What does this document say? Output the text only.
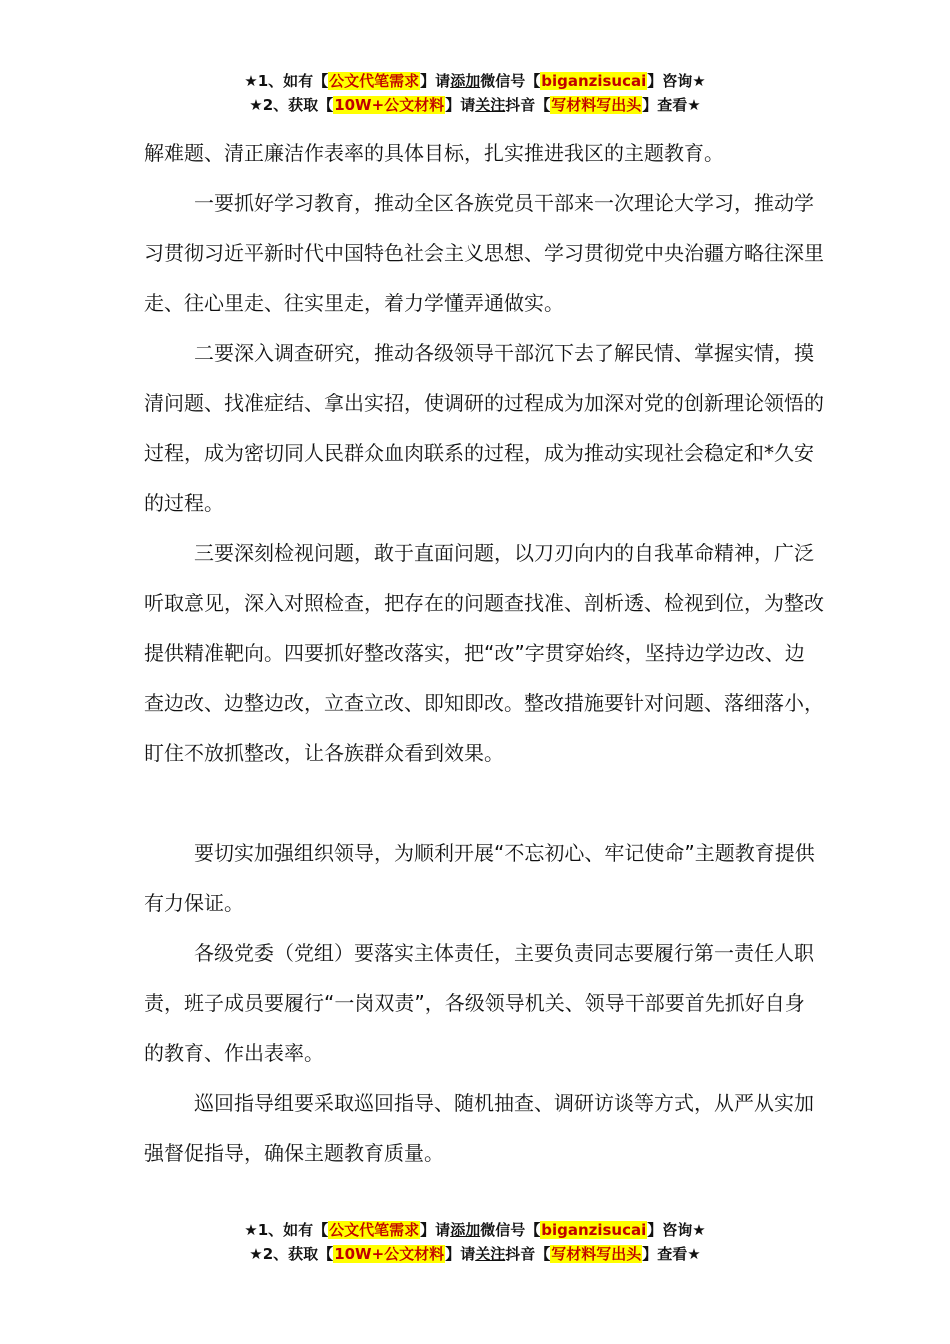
★1、如有【公文代笔需求】请添加微信号【biganzisucai】咨询★
★2、获取【10W+公文材料】请关注抖音【写材料写出头】查看★

解难题、清正廉洁作表率的具体目标，扎实推进我区的主题教育。

一要抓好学习教育，推动全区各族党员干部来一次理论大学习，推动学习贯彻习近平新时代中国特色社会主义思想、学习贯彻党中央治疆方略往深里走、往心里走、往实里走，着力学懂弄通做实。

二要深入调查研究，推动各级领导干部沉下去了解民情、掌握实情，摸清问题、找准症结、拿出实招，使调研的过程成为加深对党的创新理论领悟的过程，成为密切同人民群众血肉联系的过程，成为推动实现社会稳定和*久安的过程。

三要深刻检视问题，敢于直面问题，以刀刃向内的自我革命精神，广泛听取意见，深入对照检查，把存在的问题查找准、剖析透、检视到位，为整改提供精准靶向。四要抓好整改落实，把“改”字贯穿始终，坚持边学边改、边查边改、边整边改，立查立改、即知即改。整改措施要针对问题、落细落小，盯住不放抓整改，让各族群众看到效果。

要切实加强组织领导，为顺利开展“不忘初心、牢记使命”主题教育提供有力保证。

各级党委（党组）要落实主体责任，主要负责同志要履行第一责任人职责，班子成员要履行“一岗双责”，各级领导机关、领导干部要首先抓好自身的教育、作出表率。

巡回指导组要采取巡回指导、随机抽查、调研访谈等方式，从严从实加强督促指导，确保主题教育质量。

★1、如有【公文代笔需求】请添加微信号【biganzisucai】咨询★
★2、获取【10W+公文材料】请关注抖音【写材料写出头】查看★
